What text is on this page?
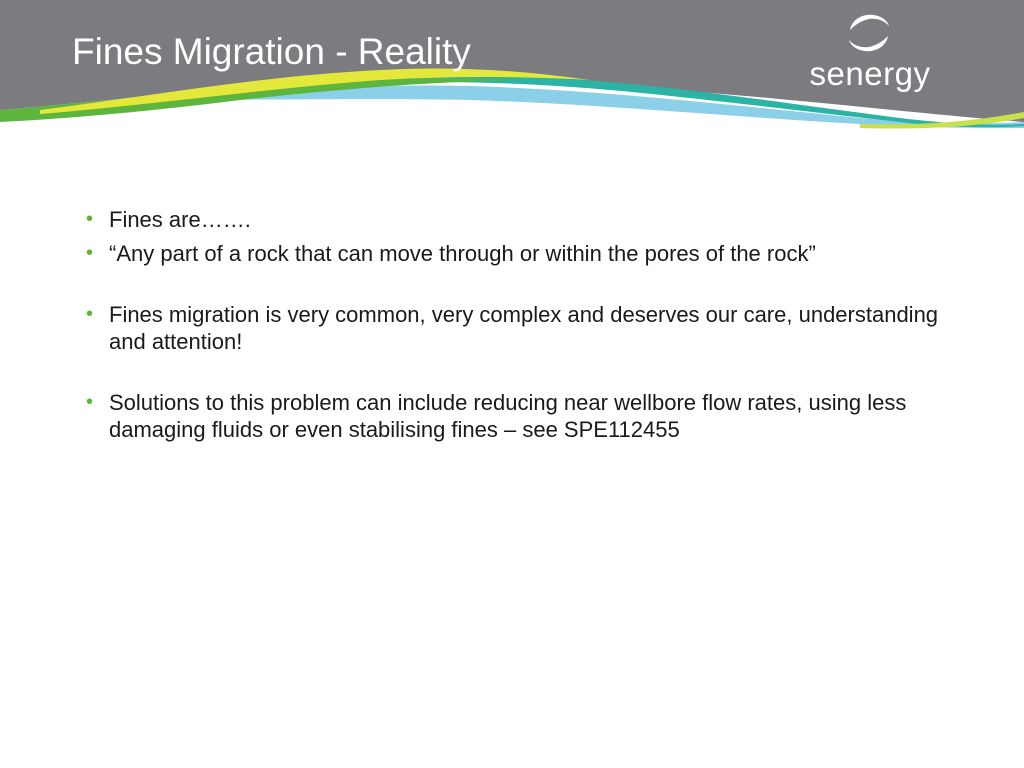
Fines Migration - Reality
senergy
• Fines are…….
• “Any part of a rock that can move through or within the pores of the rock”
• Fines migration is very common, very complex and deserves our care, understanding and attention!
• Solutions to this problem can include reducing near wellbore flow rates, using less damaging fluids or even stabilising fines – see SPE112455
